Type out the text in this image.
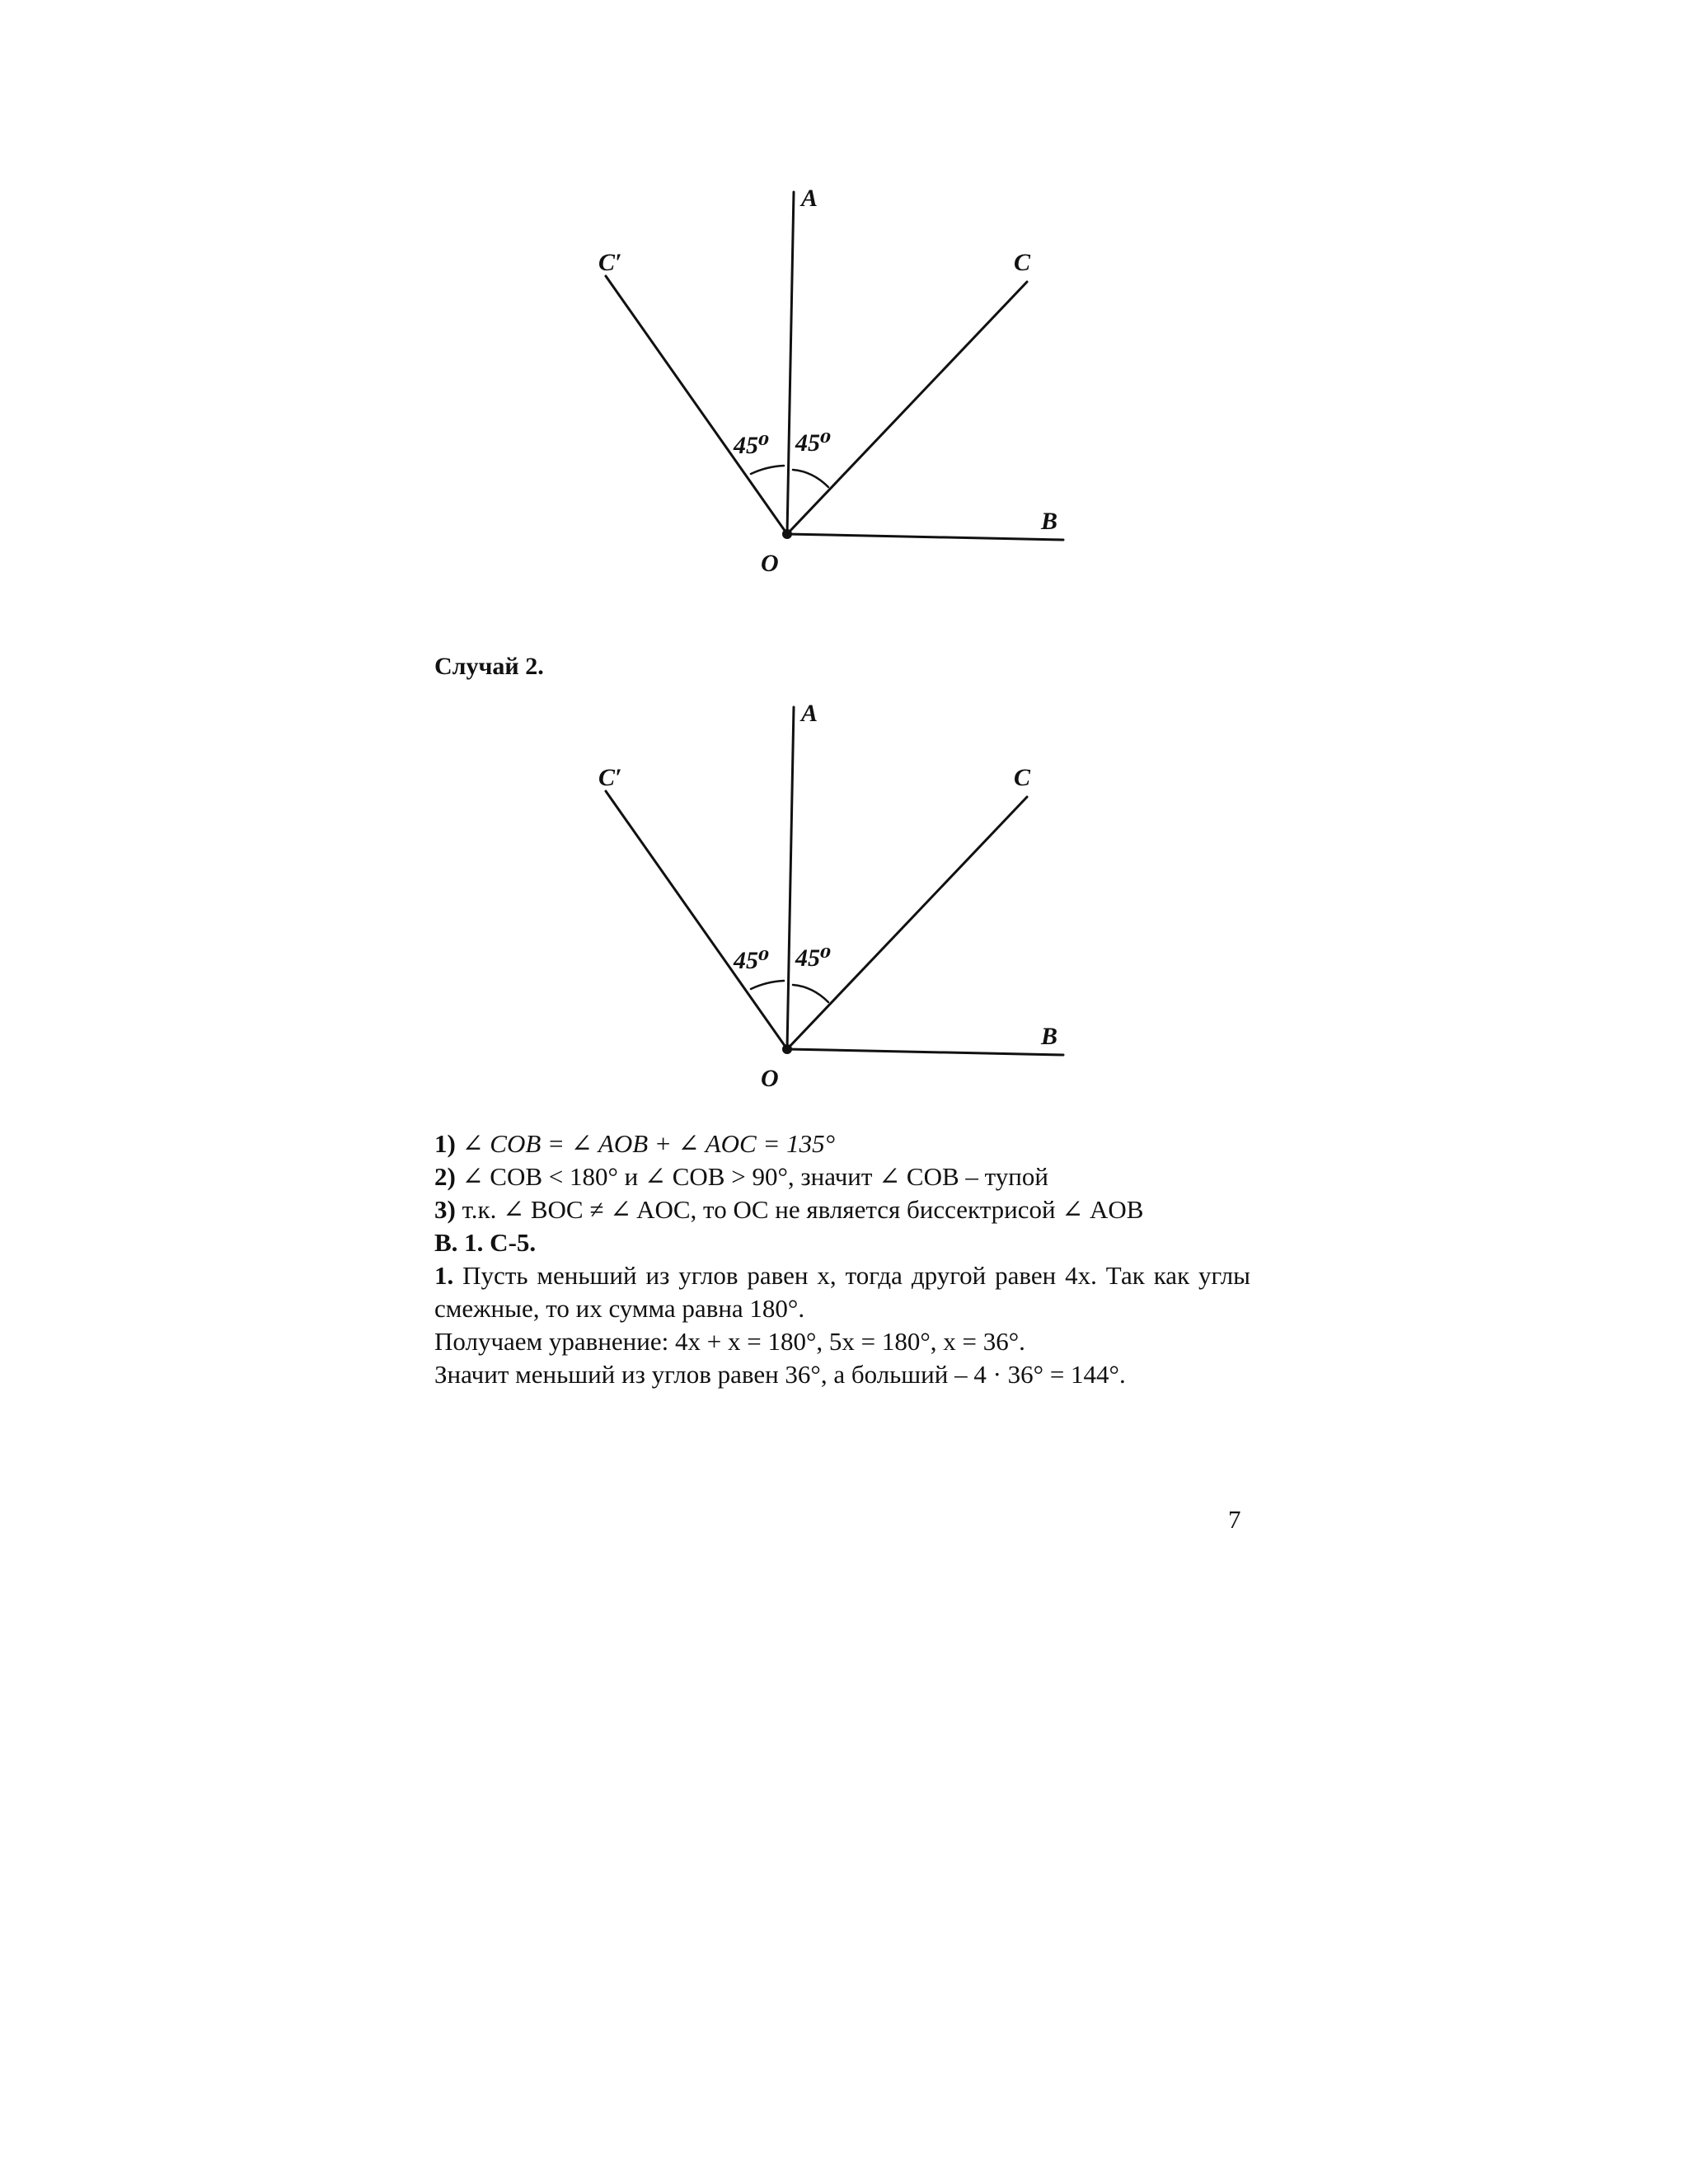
A
C′	C
45⁰ 45⁰
B
O

Случай 2.

A
C′	C
45⁰ 45⁰
B
O

1) ∠ COB = ∠ AOB + ∠ AOC = 135°

2) ∠ COB < 180° и ∠ COB > 90°, значит ∠ COB – тупой

3) т.к. ∠ BOC ≠ ∠ AOC, то OC не является биссектрисой ∠ AOB

В. 1. С-5.

1. Пусть меньший из углов равен x, тогда другой равен 4x. Так как углы смежные, то их сумма равна 180°.

Получаем уравнение: 4x + x = 180°, 5x = 180°, x = 36°.

Значит меньший из углов равен 36°, а больший – 4 · 36° = 144°.

7
